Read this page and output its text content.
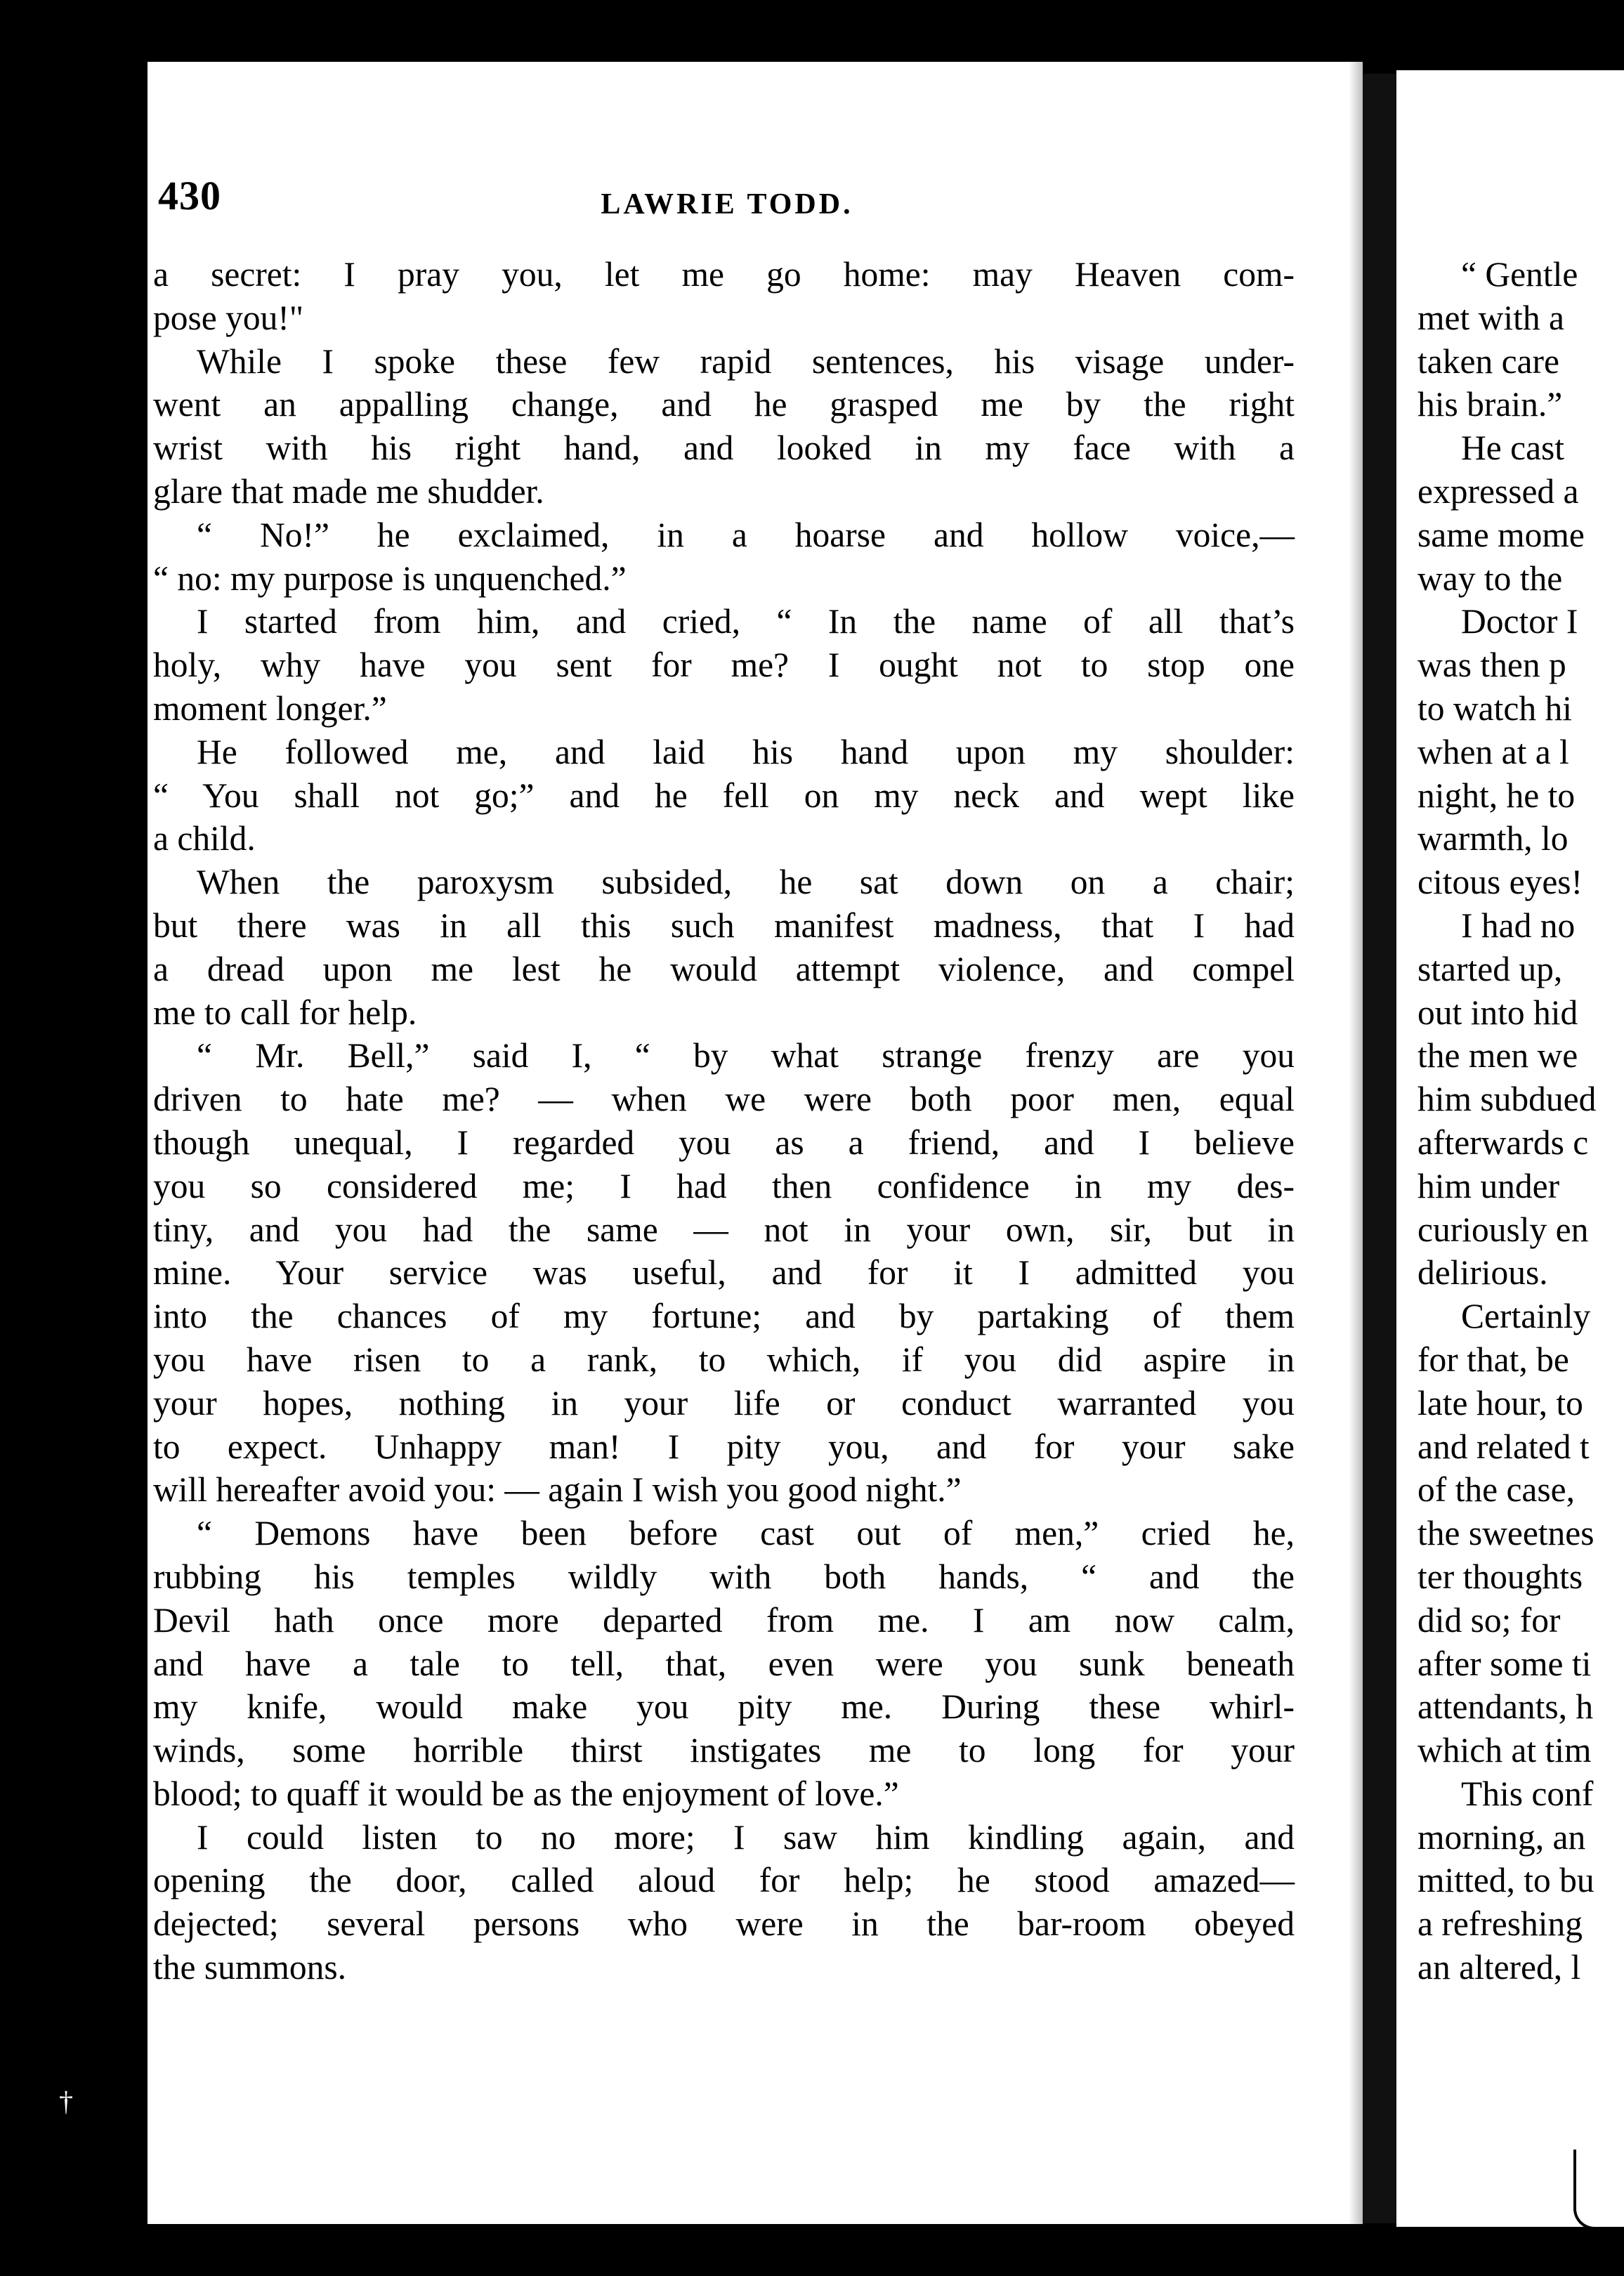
430	LAWRIE TODD.

a secret: I pray you, let me go home: may Heaven com-

pose you!"

While I spoke these few rapid sentences, his visage under-

went an appalling change, and he grasped me by the right

wrist with his right hand, and looked in my face with a

glare that made me shudder.

“ No!” he exclaimed, in a hoarse and hollow voice,—

“ no: my purpose is unquenched.”

I started from him, and cried, “ In the name of all that’s

holy, why have you sent for me? I ought not to stop one

moment longer.”

He followed me, and laid his hand upon my shoulder:

“ You shall not go;” and he fell on my neck and wept like

a child.

When the paroxysm subsided, he sat down on a chair;

but there was in all this such manifest madness, that I had

a dread upon me lest he would attempt violence, and compel

me to call for help.

“ Mr. Bell,” said I, “ by what strange frenzy are you

driven to hate me? — when we were both poor men, equal

though unequal, I regarded you as a friend, and I believe

you so considered me; I had then confidence in my des-

tiny, and you had the same — not in your own, sir, but in

mine. Your service was useful, and for it I admitted you

into the chances of my fortune; and by partaking of them

you have risen to a rank, to which, if you did aspire in

your hopes, nothing in your life or conduct warranted you

to expect. Unhappy man! I pity you, and for your sake

will hereafter avoid you: — again I wish you good night.”

“ Demons have been before cast out of men,” cried he,

rubbing his temples wildly with both hands, “ and the

Devil hath once more departed from me. I am now calm,

and have a tale to tell, that, even were you sunk beneath

my knife, would make you pity me. During these whirl-

winds, some horrible thirst instigates me to long for your

blood; to quaff it would be as the enjoyment of love.”

I could listen to no more; I saw him kindling again, and

opening the door, called aloud for help; he stood amazed—

dejected; several persons who were in the bar-room obeyed

the summons.

“ Gentle
met with a
taken care
his brain.”
He cast
expressed a
same mome
way to the
Doctor I
was then p
to watch hi
when at a l
night, he to
warmth, lo
citous eyes!
I had no
started up,
out into hid
the men we
him subdued
afterwards c
him under
curiously en
delirious.
Certainly
for that, be
late hour, to
and related t
of the case,
the sweetnes
ter thoughts
did so; for
after some ti
attendants, h
which at tim
This conf
morning, an
mitted, to bu
a refreshing
an altered, l
†
